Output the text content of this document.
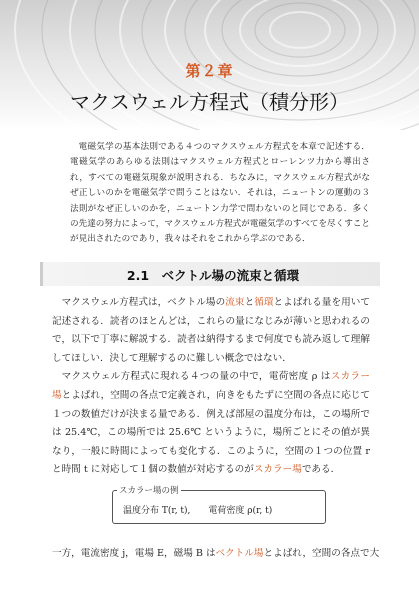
第２章
マクスウェル方程式（積分形）
電磁気学の基本法則である４つのマクスウェル方程式を本章で記述する．電磁気学のあらゆる法則はマクスウェル方程式とローレンツ力から導出され，すべての電磁気現象が説明される．ちなみに，マクスウェル方程式がなぜ正しいのかを電磁気学で問うことはない．それは，ニュートンの運動の３法則がなぜ正しいのかを，ニュートン力学で問わないのと同じである．多くの先達の努力によって，マクスウェル方程式が電磁気学のすべてを尽くすことが見出されたのであり，我々はそれをこれから学ぶのである．
2.1　ベクトル場の流束と循環

マクスウェル方程式は，ベクトル場の流束と循環とよばれる量を用いて記述される．読者のほとんどは，これらの量になじみが薄いと思われるので，以下で丁寧に解説する．読者は納得するまで何度でも読み返して理解してほしい．決して理解するのに難しい概念ではない．

マクスウェル方程式に現れる４つの量の中で，電荷密度 ρ はスカラー場とよばれ，空間の各点で定義され，向きをもたずに空間の各点に応じて１つの数値だけが決まる量である．例えば部屋の温度分布は，この場所では 25.4℃，この場所では 25.6℃ というように，場所ごとにその値が異なり，一般に時間によっても変化する．このように，空間の１つの位置 r と時間 t に対応して１個の数値が対応するのがスカラー場である．

スカラー場の例
温度分布 T(r, t), 電荷密度 ρ(r, t)
一方，電流密度 j，電場 E，磁場 B はベクトル場とよばれ，空間の各点で大
